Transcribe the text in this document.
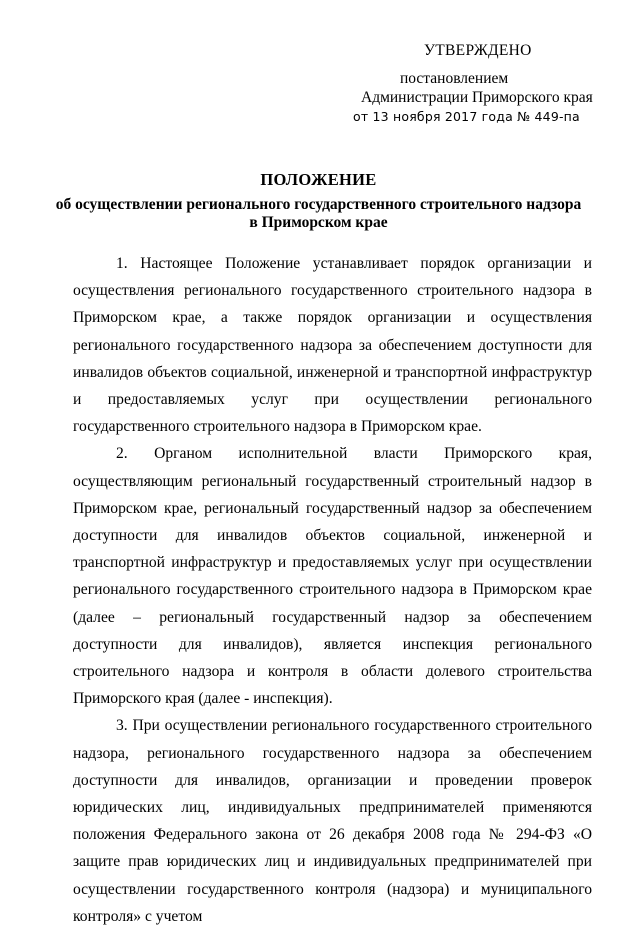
УТВЕРЖДЕНО
постановлением
Администрации Приморского края
от 13 ноября 2017 года № 449-па
ПОЛОЖЕНИЕ
об осуществлении регионального государственного строительного надзора
в Приморском крае

1. Настоящее Положение устанавливает порядок организации и осуществления регионального государственного строительного надзора в Приморском крае, а также порядок организации и осуществления регионального государственного надзора за обеспечением доступности для инвалидов объектов социальной, инженерной и транспортной инфраструктур и предоставляемых услуг при осуществлении регионального государственного строительного надзора в Приморском крае.

2. Органом исполнительной власти Приморского края, осуществляющим региональный государственный строительный надзор в Приморском крае, региональный государственный надзор за обеспечением доступности для инвалидов объектов социальной, инженерной и транспортной инфраструктур и предоставляемых услуг при осуществлении регионального государственного строительного надзора в Приморском крае (далее – региональный государственный надзор за обеспечением доступности для инвалидов), является инспекция регионального строительного надзора и контроля в области долевого строительства Приморского края (далее - инспекция).

3. При осуществлении регионального государственного строительного надзора, регионального государственного надзора за обеспечением доступности для инвалидов, организации и проведении проверок юридических лиц, индивидуальных предпринимателей применяются положения Федерального закона от 26 декабря 2008 года № 294-ФЗ «О защите прав юридических лиц и индивидуальных предпринимателей при осуществлении государственного контроля (надзора) и муниципального контроля» с учетом
